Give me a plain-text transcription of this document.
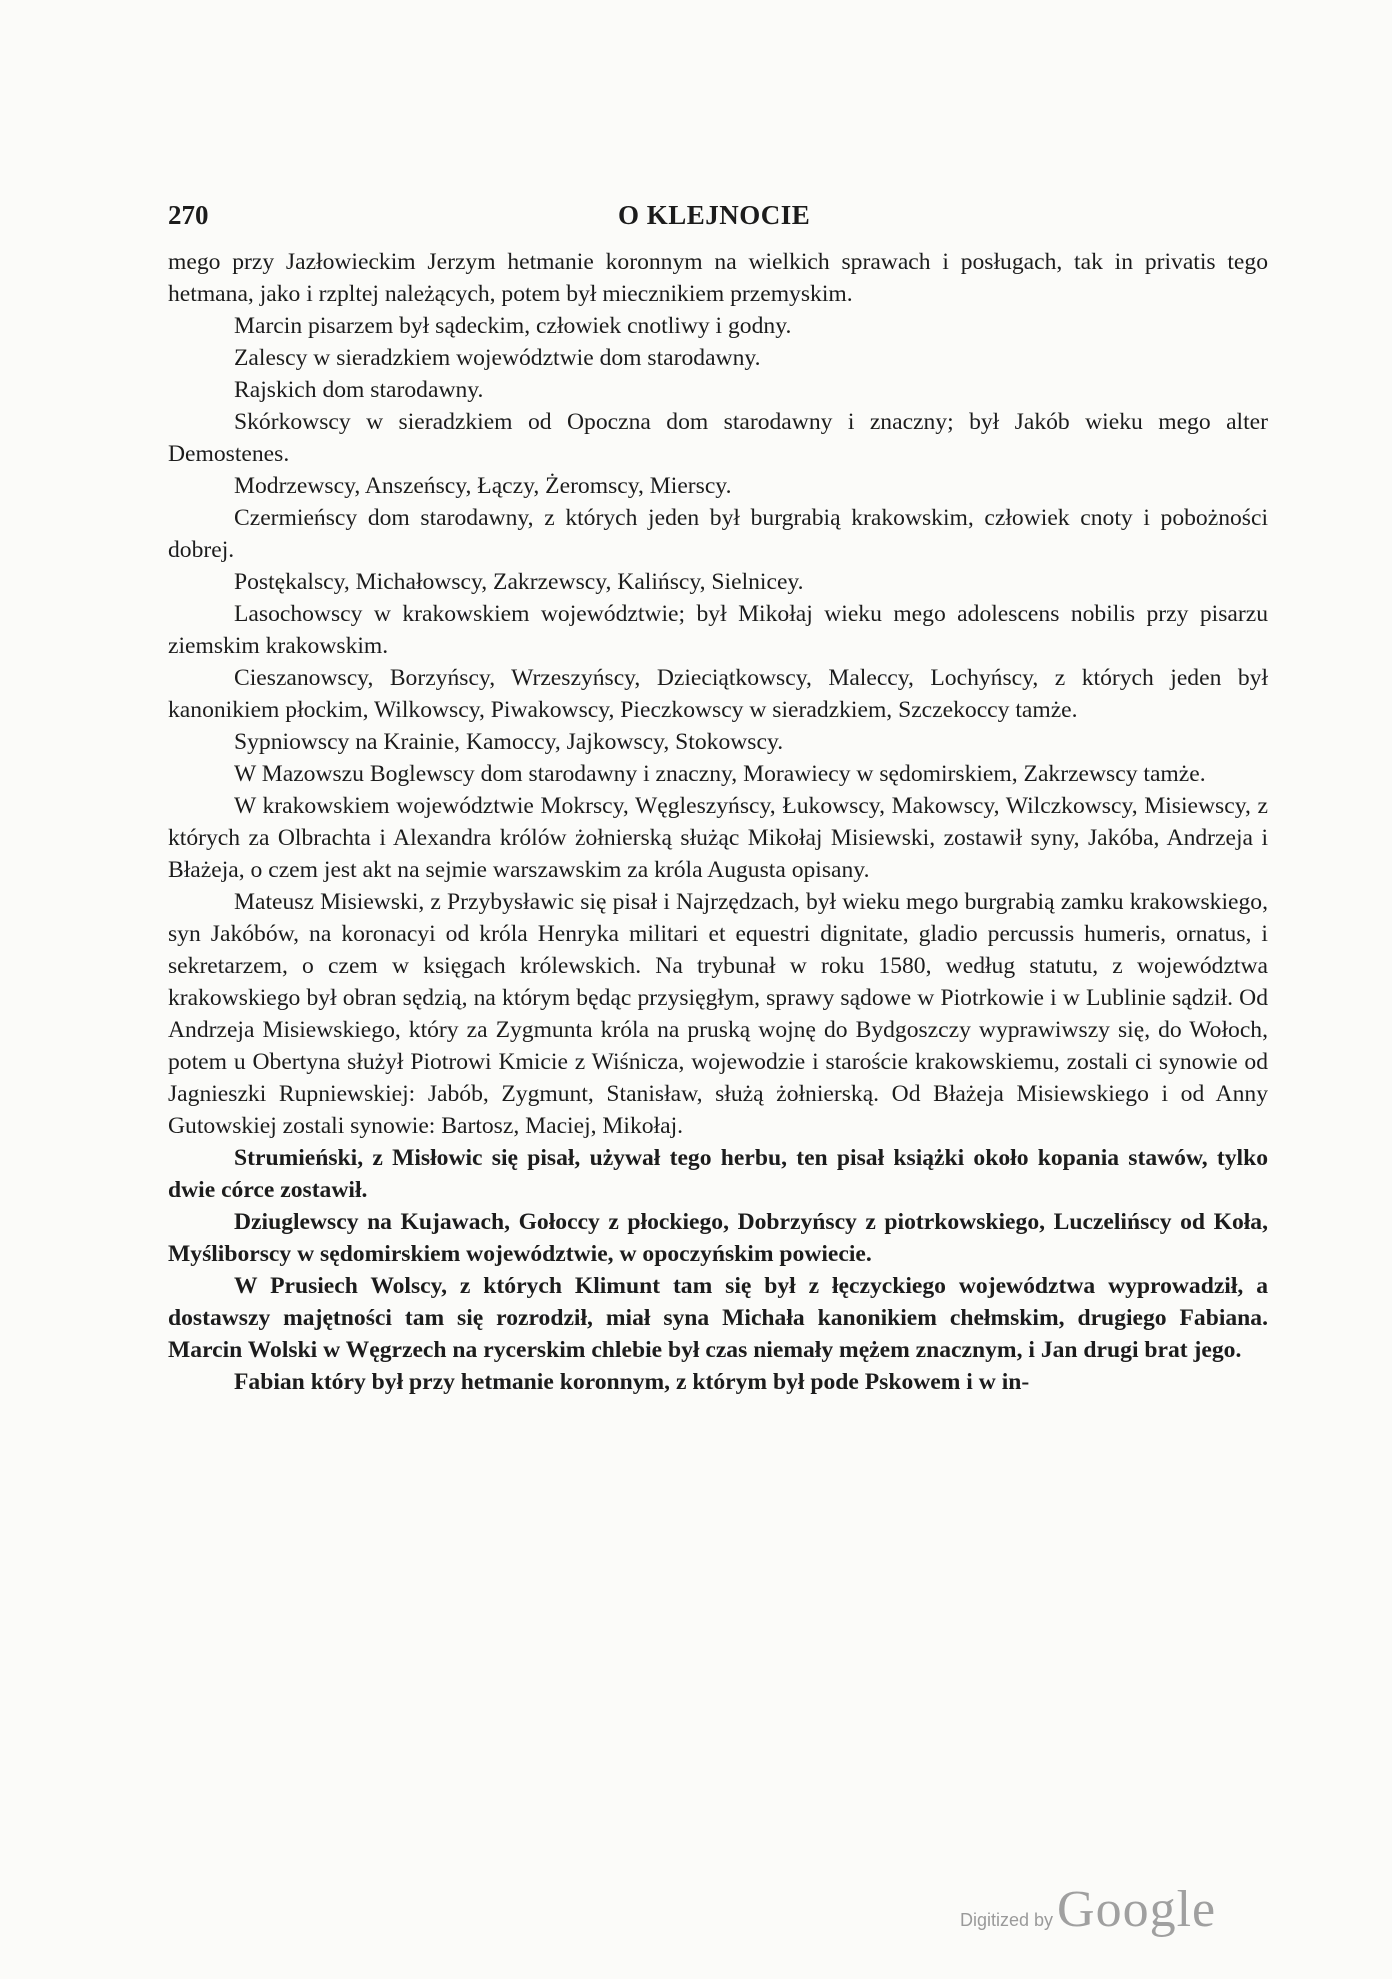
270	O KLEJNOCIE

mego przy Jazłowieckim Jerzym hetmanie koronnym na wielkich sprawach i posługach, tak in privatis tego hetmana, jako i rzpltej należących, potem był miecznikiem przemyskim.

Marcin pisarzem był sądeckim, człowiek cnotliwy i godny.

Zalescy w sieradzkiem województwie dom starodawny.

Rajskich dom starodawny.

Skórkowscy w sieradzkiem od Opoczna dom starodawny i znaczny; był Jakób wieku mego alter Demostenes.

Modrzewscy, Anszeńscy, Łączy, Żeromscy, Mierscy.

Czermieńscy dom starodawny, z których jeden był burgrabią krakowskim, człowiek cnoty i pobożności dobrej.

Postękalscy, Michałowscy, Zakrzewscy, Kalińscy, Sielnicey.

Lasochowscy w krakowskiem województwie; był Mikołaj wieku mego adolescens nobilis przy pisarzu ziemskim krakowskim.

Cieszanowscy, Borzyńscy, Wrzeszyńscy, Dzieciątkowscy, Maleccy, Lochyńscy, z których jeden był kanonikiem płockim, Wilkowscy, Piwakowscy, Pieczkowscy w sieradzkiem, Szczekoccy tamże.

Sypniowscy na Krainie, Kamoccy, Jajkowscy, Stokowscy.

W Mazowszu Boglewscy dom starodawny i znaczny, Morawiecy w sędomirskiem, Zakrzewscy tamże.

W krakowskiem województwie Mokrscy, Węgleszyńscy, Łukowscy, Makowscy, Wilczkowscy, Misiewscy, z których za Olbrachta i Alexandra królów żołnierską służąc Mikołaj Misiewski, zostawił syny, Jakóba, Andrzeja i Błażeja, o czem jest akt na sejmie warszawskim za króla Augusta opisany.

Mateusz Misiewski, z Przybysławic się pisał i Najrzędzach, był wieku mego burgrabią zamku krakowskiego, syn Jakóbów, na koronacyi od króla Henryka militari et equestri dignitate, gladio percussis humeris, ornatus, i sekretarzem, o czem w księgach królewskich. Na trybunał w roku 1580, według statutu, z województwa krakowskiego był obran sędzią, na którym będąc przysięgłym, sprawy sądowe w Piotrkowie i w Lublinie sądził. Od Andrzeja Misiewskiego, który za Zygmunta króla na pruską wojnę do Bydgoszczy wyprawiwszy się, do Wołoch, potem u Obertyna służył Piotrowi Kmicie z Wiśnicza, wojewodzie i staroście krakowskiemu, zostali ci synowie od Jagnieszki Rupniewskiej: Jabób, Zygmunt, Stanisław, służą żołnierską. Od Błażeja Misiewskiego i od Anny Gutowskiej zostali synowie: Bartosz, Maciej, Mikołaj.

Strumieński, z Misłowic się pisał, używał tego herbu, ten pisał książki około kopania stawów, tylko dwie córce zostawił.

Dziuglewscy na Kujawach, Gołoccy z płockiego, Dobrzyńscy z piotrkowskiego, Luczelińscy od Koła, Myśliborscy w sędomirskiem województwie, w opoczyńskim powiecie.

W Prusiech Wolscy, z których Klimunt tam się był z łęczyckiego województwa wyprowadził, a dostawszy majętności tam się rozrodził, miał syna Michała kanonikiem chełmskim, drugiego Fabiana. Marcin Wolski w Węgrzech na rycerskim chlebie był czas niemały mężem znacznym, i Jan drugi brat jego.

Fabian który był przy hetmanie koronnym, z którym był pode Pskowem i w in-

Digitized by Google
